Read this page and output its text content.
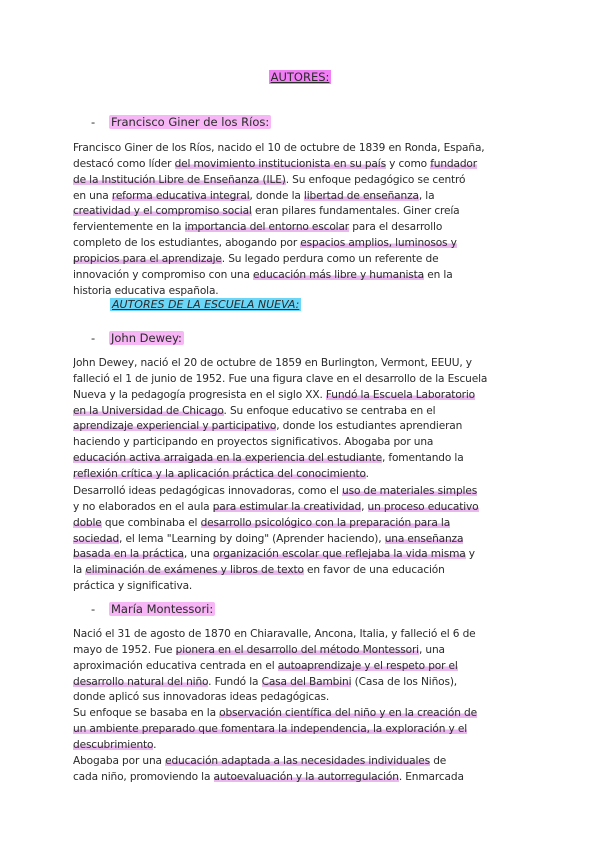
AUTORES:
- Francisco Giner de los Ríos:
Francisco Giner de los Ríos, nacido el 10 de octubre de 1839 en Ronda, España,
destacó como líder del movimiento institucionista en su país y como fundador
de la Institución Libre de Enseñanza (ILE). Su enfoque pedagógico se centró
en una reforma educativa integral, donde la libertad de enseñanza, la
creatividad y el compromiso social eran pilares fundamentales. Giner creía
fervientemente en la importancia del entorno escolar para el desarrollo
completo de los estudiantes, abogando por espacios amplios, luminosos y
propicios para el aprendizaje. Su legado perdura como un referente de
innovación y compromiso con una educación más libre y humanista en la
historia educativa española.
AUTORES DE LA ESCUELA NUEVA:
- John Dewey:
John Dewey, nació el 20 de octubre de 1859 en Burlington, Vermont, EEUU, y
falleció el 1 de junio de 1952. Fue una figura clave en el desarrollo de la Escuela
Nueva y la pedagogía progresista en el siglo XX. Fundó la Escuela Laboratorio
en la Universidad de Chicago. Su enfoque educativo se centraba en el
aprendizaje experiencial y participativo, donde los estudiantes aprendieran
haciendo y participando en proyectos significativos. Abogaba por una
educación activa arraigada en la experiencia del estudiante, fomentando la
reflexión crítica y la aplicación práctica del conocimiento.
Desarrolló ideas pedagógicas innovadoras, como el uso de materiales simples
y no elaborados en el aula para estimular la creatividad, un proceso educativo
doble que combinaba el desarrollo psicológico con la preparación para la
sociedad, el lema "Learning by doing" (Aprender haciendo), una enseñanza
basada en la práctica, una organización escolar que reflejaba la vida misma y
la eliminación de exámenes y libros de texto en favor de una educación
práctica y significativa.
- María Montessori:
Nació el 31 de agosto de 1870 en Chiaravalle, Ancona, Italia, y falleció el 6 de
mayo de 1952. Fue pionera en el desarrollo del método Montessori, una
aproximación educativa centrada en el autoaprendizaje y el respeto por el
desarrollo natural del niño. Fundó la Casa del Bambini (Casa de los Niños),
donde aplicó sus innovadoras ideas pedagógicas.
Su enfoque se basaba en la observación científica del niño y en la creación de
un ambiente preparado que fomentara la independencia, la exploración y el
descubrimiento.
Abogaba por una educación adaptada a las necesidades individuales de
cada niño, promoviendo la autoevaluación y la autorregulación. Enmarcada
